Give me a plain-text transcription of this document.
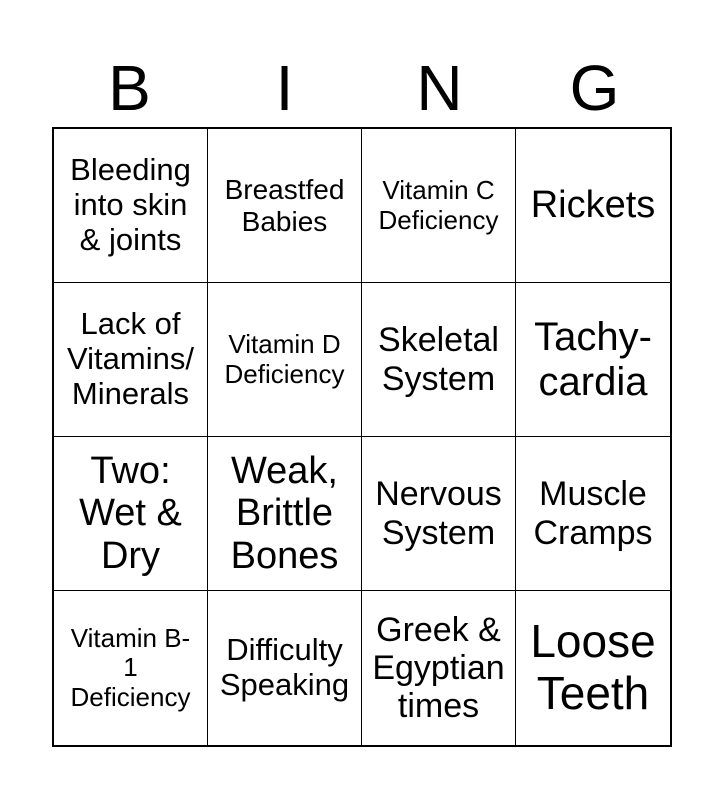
B	I	N	G
Bleeding
into skin
& joints
Breastfed
Babies
Vitamin C
Deficiency Rickets
Lack of
Vitamins/
Minerals
Vitamin D
Deficiency
Skeletal
System
Tachy-
cardia
Two:
Wet &
Dry
Weak,
Brittle
Bones
Nervous
System
Muscle
Cramps
Vitamin B-
1
Deficiency
Difficulty
Speaking
Greek &
Egyptian
times
Loose
Teeth
